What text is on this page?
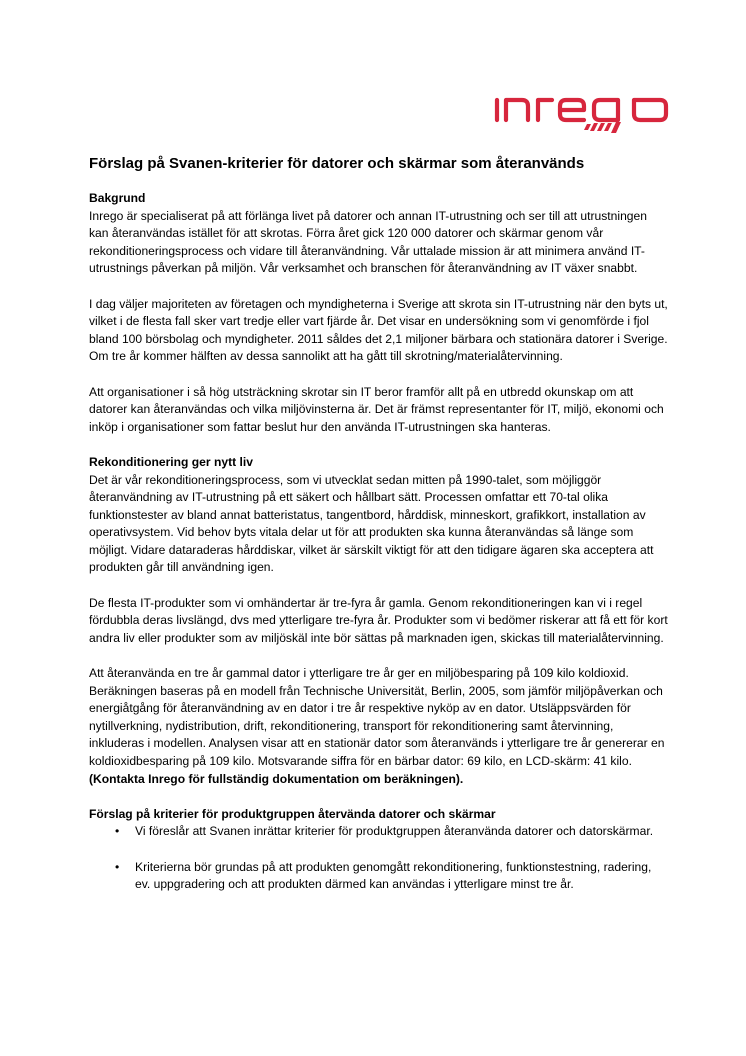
Förslag på Svanen-kriterier för datorer och skärmar som återanvänds
Bakgrund

Inrego är specialiserat på att förlänga livet på datorer och annan IT-utrustning och ser till att utrustningen kan återanvändas istället för att skrotas. Förra året gick 120 000 datorer och skärmar genom vår rekonditioneringsprocess och vidare till återanvändning. Vår uttalade mission är att minimera använd IT-utrustnings påverkan på miljön. Vår verksamhet och branschen för återanvändning av IT växer snabbt.

I dag väljer majoriteten av företagen och myndigheterna i Sverige att skrota sin IT-utrustning när den byts ut, vilket i de flesta fall sker vart tredje eller vart fjärde år. Det visar en undersökning som vi genomförde i fjol bland 100 börsbolag och myndigheter. 2011 såldes det 2,1 miljoner bärbara och stationära datorer i Sverige. Om tre år kommer hälften av dessa sannolikt att ha gått till skrotning/materialåtervinning.

Att organisationer i så hög utsträckning skrotar sin IT beror framför allt på en utbredd okunskap om att datorer kan återanvändas och vilka miljövinsterna är. Det är främst representanter för IT, miljö, ekonomi och inköp i organisationer som fattar beslut hur den använda IT-utrustningen ska hanteras.

Rekonditionering ger nytt liv

Det är vår rekonditioneringsprocess, som vi utvecklat sedan mitten på 1990-talet, som möjliggör återanvändning av IT-utrustning på ett säkert och hållbart sätt. Processen omfattar ett 70-tal olika funktionstester av bland annat batteristatus, tangentbord, hårddisk, minneskort, grafikkort, installation av operativsystem. Vid behov byts vitala delar ut för att produkten ska kunna återanvändas så länge som möjligt. Vidare dataraderas hårddiskar, vilket är särskilt viktigt för att den tidigare ägaren ska acceptera att produkten går till användning igen.

De flesta IT-produkter som vi omhändertar är tre-fyra år gamla. Genom rekonditioneringen kan vi i regel fördubbla deras livslängd, dvs med ytterligare tre-fyra år. Produkter som vi bedömer riskerar att få ett för kort andra liv eller produkter som av miljöskäl inte bör sättas på marknaden igen, skickas till materialåtervinning.

Att återanvända en tre år gammal dator i ytterligare tre år ger en miljöbesparing på 109 kilo koldioxid. Beräkningen baseras på en modell från Technische Universität, Berlin, 2005, som jämför miljöpåverkan och energiåtgång för återanvändning av en dator i tre år respektive nyköp av en dator. Utsläppsvärden för nytillverkning, nydistribution, drift, rekonditionering, transport för rekonditionering samt återvinning, inkluderas i modellen. Analysen visar att en stationär dator som återanvänds i ytterligare tre år genererar en koldioxidbesparing på 109 kilo. Motsvarande siffra för en bärbar dator: 69 kilo, en LCD-skärm: 41 kilo. (Kontakta Inrego för fullständig dokumentation om beräkningen).

Förslag på kriterier för produktgruppen återvända datorer och skärmar
• Vi föreslår att Svanen inrättar kriterier för produktgruppen återanvända datorer och datorskärmar.
• Kriterierna bör grundas på att produkten genomgått rekonditionering, funktionstestning, radering, ev. uppgradering och att produkten därmed kan användas i ytterligare minst tre år.
